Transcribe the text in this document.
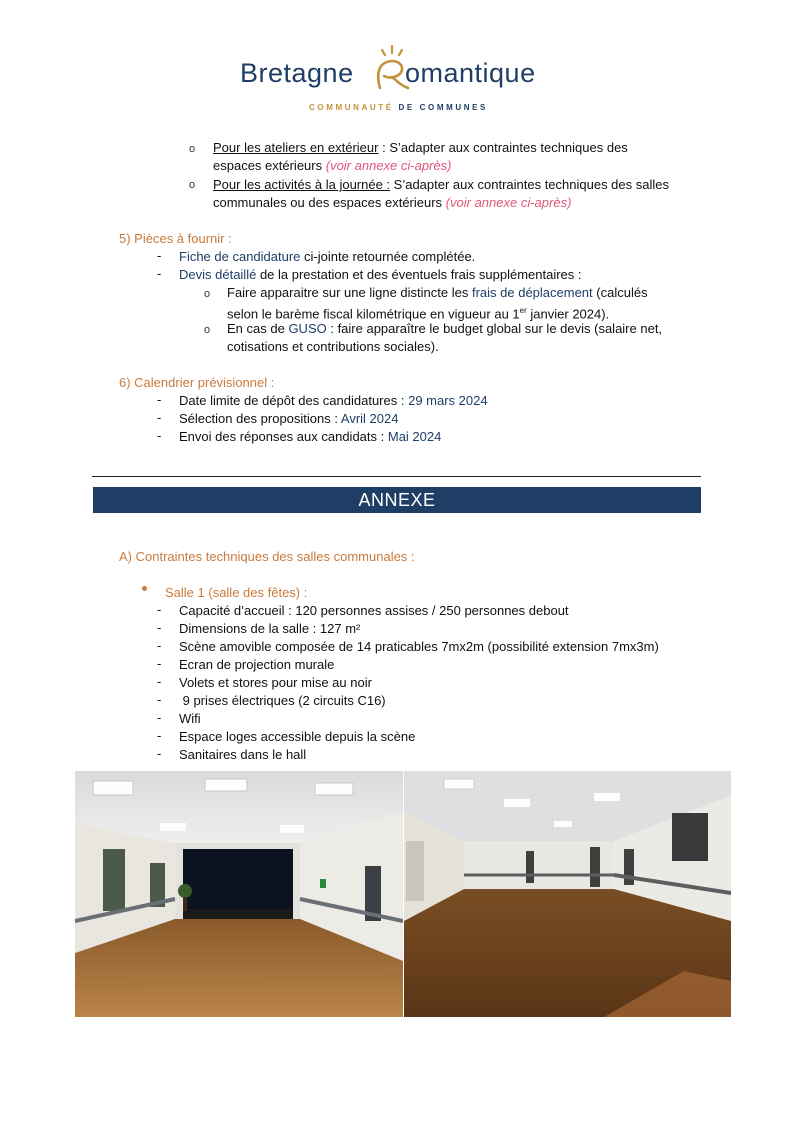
Bretagne omantique
COMMUNAUTÉ DE COMMUNES
o Pour les ateliers en extérieur : S’adapter aux contraintes techniques des
espaces extérieurs (voir annexe ci-après)
o Pour les activités à la journée : S’adapter aux contraintes techniques des salles
communales ou des espaces extérieurs (voir annexe ci-après)
5) Pièces à fournir :
- Fiche de candidature ci-jointe retournée complétée.
- Devis détaillé de la prestation et des éventuels frais supplémentaires :
o Faire apparaitre sur une ligne distincte les frais de déplacement (calculés
selon le barème fiscal kilométrique en vigueur au 1er janvier 2024).
o En cas de GUSO : faire apparaître le budget global sur le devis (salaire net,
cotisations et contributions sociales).
6) Calendrier prévisionnel :
- Date limite de dépôt des candidatures : 29 mars 2024
- Sélection des propositions : Avril 2024
- Envoi des réponses aux candidats : Mai 2024
ANNEXE
A) Contraintes techniques des salles communales :
Salle 1 (salle des fêtes) :
- Capacité d’accueil : 120 personnes assises / 250 personnes debout
- Dimensions de la salle : 127 m²
- Scène amovible composée de 14 praticables 7mx2m (possibilité extension 7mx3m)
- Ecran de projection murale
- Volets et stores pour mise au noir
- 9 prises électriques (2 circuits C16)
- Wifi
- Espace loges accessible depuis la scène
- Sanitaires dans le hall
